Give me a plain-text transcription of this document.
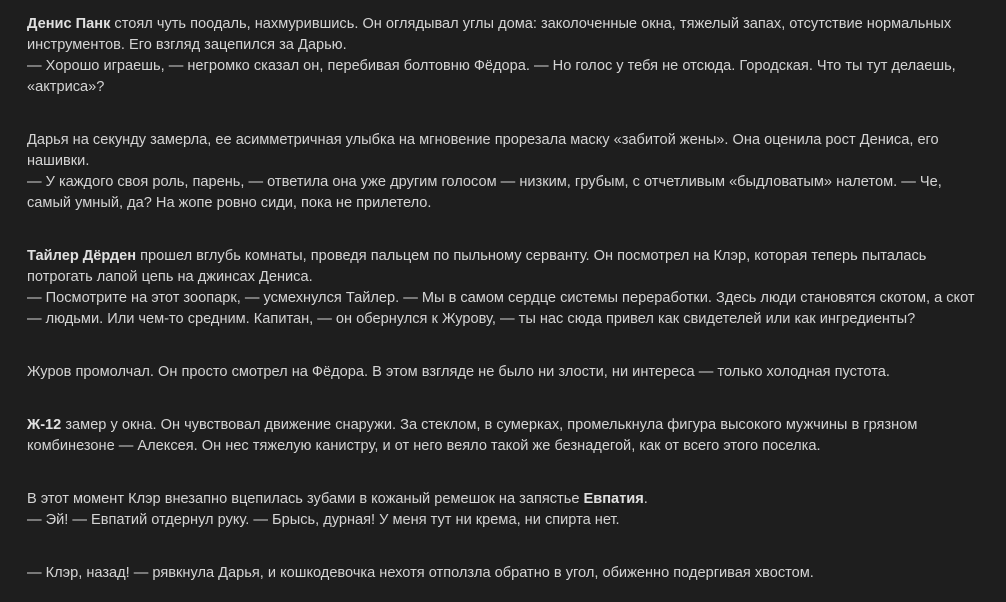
Денис Панк стоял чуть поодаль, нахмурившись. Он оглядывал углы дома: заколоченные окна, тяжелый запах, отсутствие нормальных инструментов. Его взгляд зацепился за Дарью.
— Хорошо играешь, — негромко сказал он, перебивая болтовню Фёдора. — Но голос у тебя не отсюда. Городская. Что ты тут делаешь, «актриса»?

Дарья на секунду замерла, ее асимметричная улыбка на мгновение прорезала маску «забитой жены». Она оценила рост Дениса, его нашивки.
— У каждого своя роль, парень, — ответила она уже другим голосом — низким, грубым, с отчетливым «быдловатым» налетом. — Че, самый умный, да? На жопе ровно сиди, пока не прилетело.

Тайлер Дёрден прошел вглубь комнаты, проведя пальцем по пыльному серванту. Он посмотрел на Клэр, которая теперь пыталась потрогать лапой цепь на джинсах Дениса.
— Посмотрите на этот зоопарк, — усмехнулся Тайлер. — Мы в самом сердце системы переработки. Здесь люди становятся скотом, а скот — людьми. Или чем-то средним. Капитан, — он обернулся к Журову, — ты нас сюда привел как свидетелей или как ингредиенты?

Журов промолчал. Он просто смотрел на Фёдора. В этом взгляде не было ни злости, ни интереса — только холодная пустота.

Ж-12 замер у окна. Он чувствовал движение снаружи. За стеклом, в сумерках, промелькнула фигура высокого мужчины в грязном комбинезоне — Алексея. Он нес тяжелую канистру, и от него веяло такой же безнадегой, как от всего этого поселка.

В этот момент Клэр внезапно вцепилась зубами в кожаный ремешок на запястье Евпатия.
— Эй! — Евпатий отдернул руку. — Брысь, дурная! У меня тут ни крема, ни спирта нет.

— Клэр, назад! — рявкнула Дарья, и кошкодевочка нехотя отползла обратно в угол, обиженно подергивая хвостом.
